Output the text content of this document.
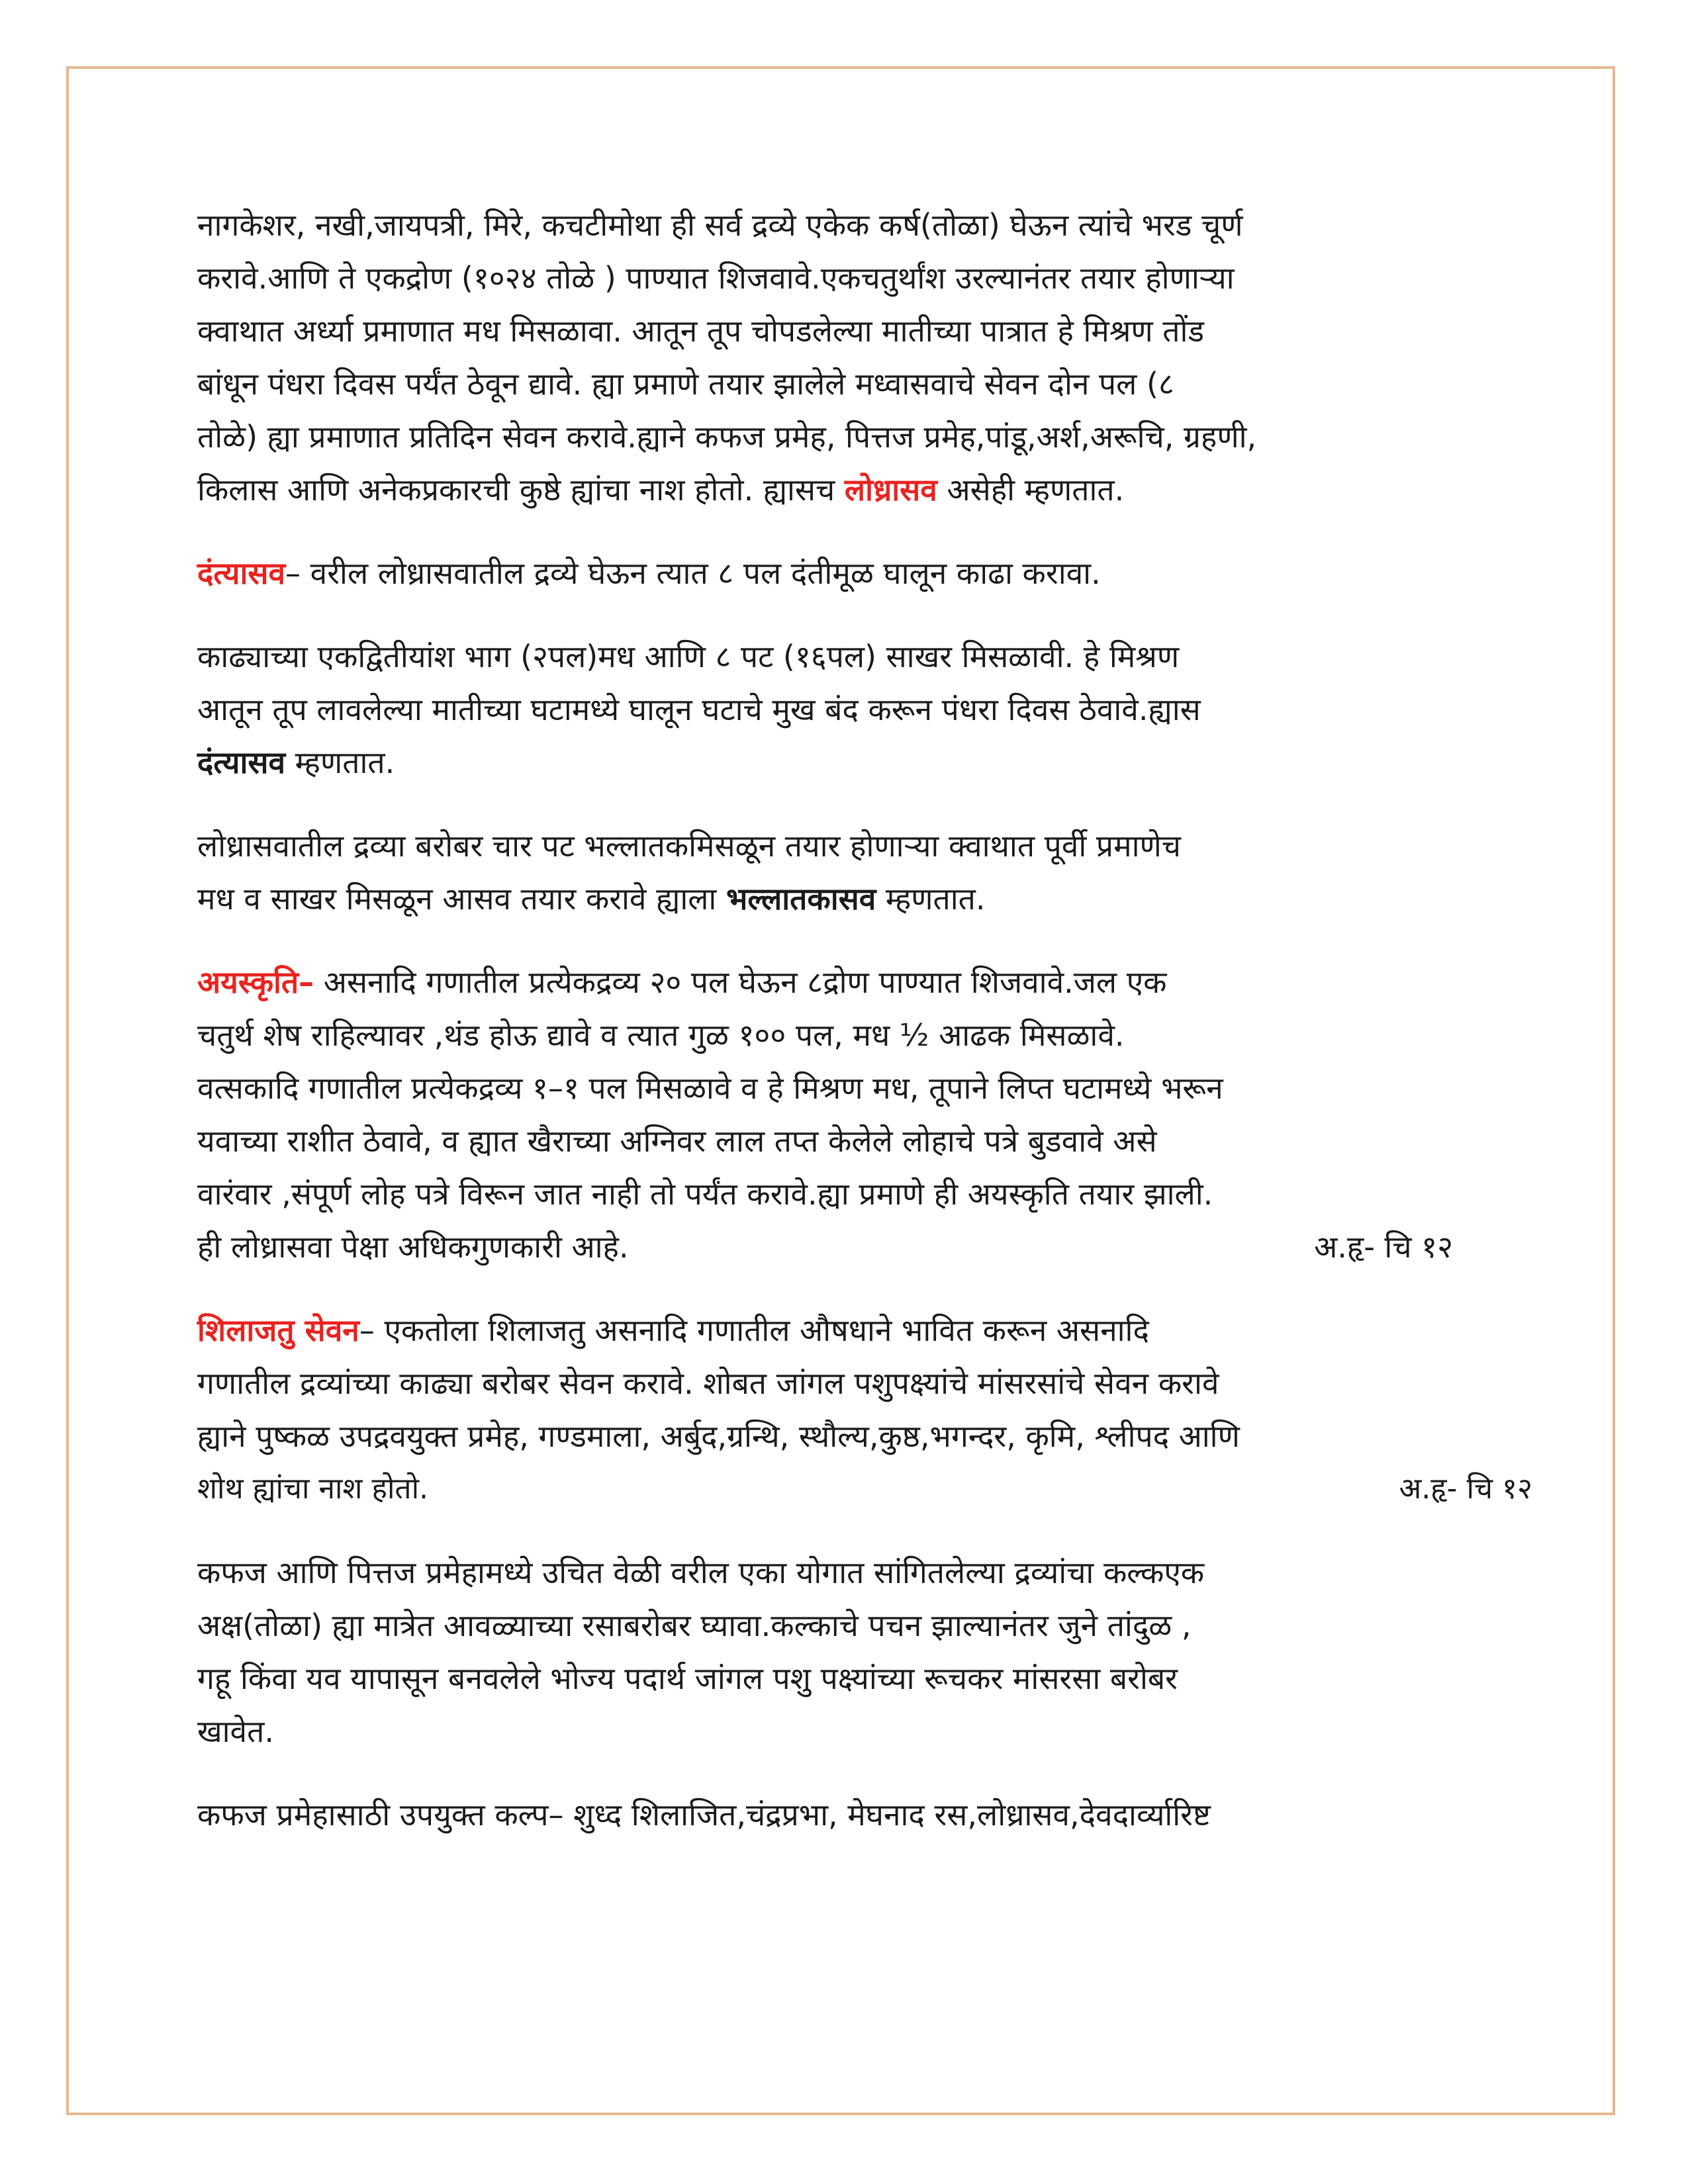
नागकेशर, नखी,जायपत्री, मिरे, कचटीमोथा ही सर्व द्रव्ये एकेक कर्ष(तोळा) घेऊन त्यांचे भरड चूर्ण
करावे.आणि ते एकद्रोण (१०२४ तोळे ) पाण्यात शिजवावे.एकचतुर्थांश उरल्यानंतर तयार होणाऱ्या
क्वाथात अर्ध्या प्रमाणात मध मिसळावा. आतून तूप चोपडलेल्या मातीच्या पात्रात हे मिश्रण तोंड
बांधून पंधरा दिवस पर्यंत ठेवून द्यावे. ह्या प्रमाणे तयार झालेले मध्वासवाचे सेवन दोन पल (८
तोळे) ह्या प्रमाणात प्रतिदिन सेवन करावे.ह्याने कफज प्रमेह, पित्तज प्रमेह,पांडू,अर्श,अरूचि, ग्रहणी,
किलास आणि अनेकप्रकारची कुष्ठे ह्यांचा नाश होतो. ह्यासच लोध्रासव असेही म्हणतात.

दंत्यासव– वरील लोध्रासवातील द्रव्ये घेऊन त्यात ८ पल दंतीमूळ घालून काढा करावा.

काढ्याच्या एकद्वितीयांश भाग (२पल)मध आणि ८ पट (१६पल) साखर मिसळावी. हे मिश्रण
आतून तूप लावलेल्या मातीच्या घटामध्ये घालून घटाचे मुख बंद करून पंधरा दिवस ठेवावे.ह्यास
दंत्यासव म्हणतात.

लोध्रासवातील द्रव्या बरोबर चार पट भल्लातकमिसळून तयार होणाऱ्या क्वाथात पूर्वी प्रमाणेच
मध व साखर मिसळून आसव तयार करावे ह्याला भल्लातकासव म्हणतात.

अयस्कृति– असनादि गणातील प्रत्येकद्रव्य २० पल घेऊन ८द्रोण पाण्यात शिजवावे.जल एक
चतुर्थ शेष राहिल्यावर ,थंड होऊ द्यावे व त्यात गुळ १०० पल, मध ½ आढक मिसळावे.
वत्सकादि गणातील प्रत्येकद्रव्य १–१ पल मिसळावे व हे मिश्रण मध, तूपाने लिप्त घटामध्ये भरून
यवाच्या राशीत ठेवावे, व ह्यात खैराच्या अग्निवर लाल तप्त केलेले लोहाचे पत्रे बुडवावे असे
वारंवार ,संपूर्ण लोह पत्रे विरून जात नाही तो पर्यंत करावे.ह्या प्रमाणे ही अयस्कृति तयार झाली.
ही लोध्रासवा पेक्षा अधिकगुणकारी आहे.	अ.हृ- चि १२

शिलाजतु सेवन– एकतोला शिलाजतु असनादि गणातील औषधाने भावित करून असनादि
गणातील द्रव्यांच्या काढ्या बरोबर सेवन करावे. शोबत जांगल पशुपक्ष्यांचे मांसरसांचे सेवन करावे
ह्याने पुष्कळ उपद्रवयुक्त प्रमेह, गण्डमाला, अर्बुद,ग्रन्थि, स्थौल्य,कुष्ठ,भगन्दर, कृमि, श्लीपद आणि
शोथ ह्यांचा नाश होतो.	अ.हृ- चि १२

कफज आणि पित्तज प्रमेहामध्ये उचित वेळी वरील एका योगात सांगितलेल्या द्रव्यांचा कल्कएक
अक्ष(तोळा) ह्या मात्रेत आवळ्याच्या रसाबरोबर घ्यावा.कल्काचे पचन झाल्यानंतर जुने तांदुळ ,
गहू किंवा यव यापासून बनवलेले भोज्य पदार्थ जांगल पशु पक्ष्यांच्या रूचकर मांसरसा बरोबर
खावेत.

कफज प्रमेहासाठी उपयुक्त कल्प– शुध्द शिलाजित,चंद्रप्रभा, मेघनाद रस,लोध्रासव,देवदार्व्यारिष्ट
